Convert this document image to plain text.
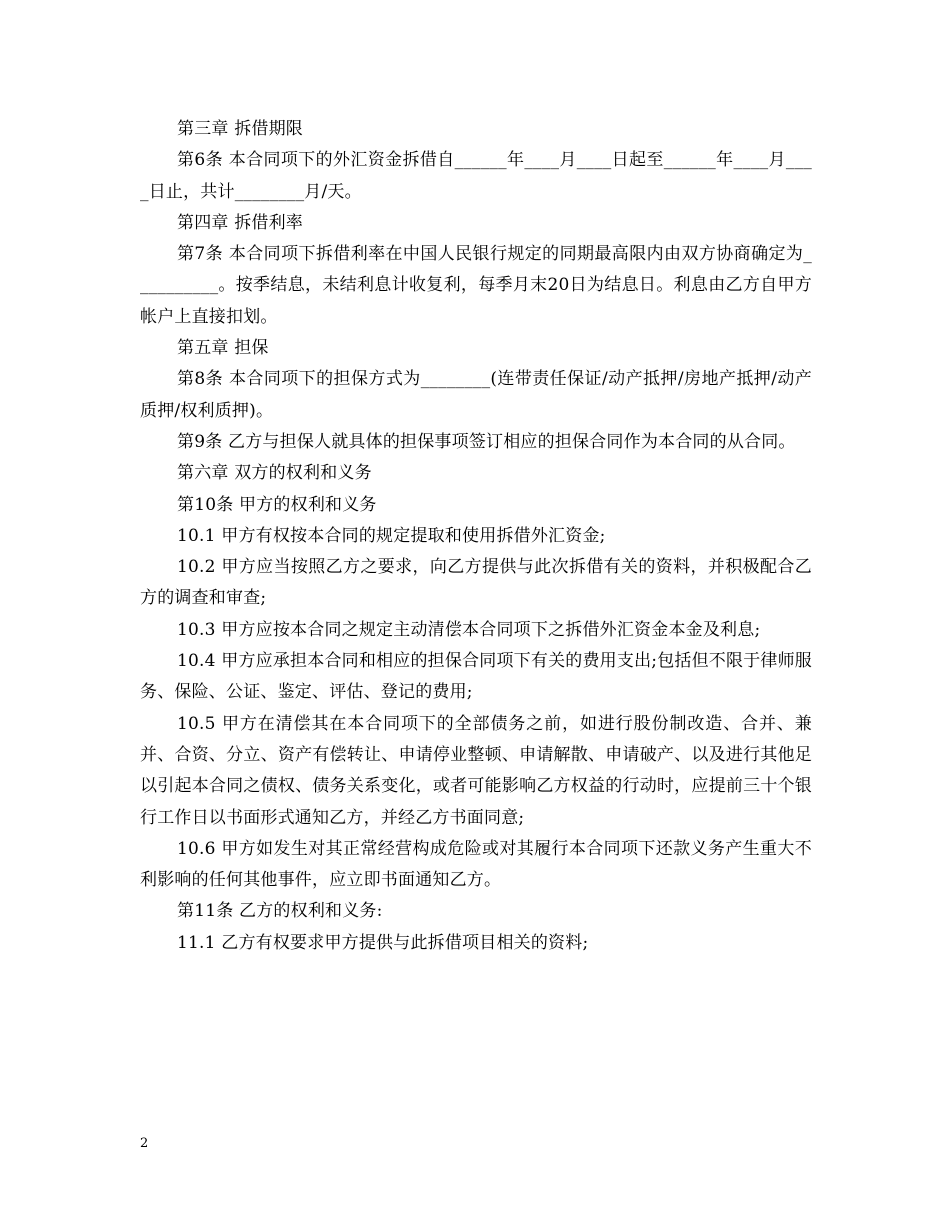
第三章 拆借期限

第6条 本合同项下的外汇资金拆借自______年____月____日起至______年____月____日止，共计________月/天。

第四章 拆借利率

第7条 本合同项下拆借利率在中国人民银行规定的同期最高限内由双方协商确定为__________。按季结息，未结利息计收复利，每季月末20日为结息日。利息由乙方自甲方帐户上直接扣划。

第五章 担保

第8条 本合同项下的担保方式为________(连带责任保证/动产抵押/房地产抵押/动产质押/权利质押)。

第9条 乙方与担保人就具体的担保事项签订相应的担保合同作为本合同的从合同。

第六章 双方的权利和义务

第10条 甲方的权利和义务

10.1 甲方有权按本合同的规定提取和使用拆借外汇资金;

10.2 甲方应当按照乙方之要求，向乙方提供与此次拆借有关的资料，并积极配合乙方的调查和审查;

10.3 甲方应按本合同之规定主动清偿本合同项下之拆借外汇资金本金及利息;

10.4 甲方应承担本合同和相应的担保合同项下有关的费用支出;包括但不限于律师服务、保险、公证、鉴定、评估、登记的费用;

10.5 甲方在清偿其在本合同项下的全部债务之前，如进行股份制改造、合并、兼并、合资、分立、资产有偿转让、申请停业整顿、申请解散、申请破产、以及进行其他足以引起本合同之债权、债务关系变化，或者可能影响乙方权益的行动时，应提前三十个银行工作日以书面形式通知乙方，并经乙方书面同意;

10.6 甲方如发生对其正常经营构成危险或对其履行本合同项下还款义务产生重大不利影响的任何其他事件，应立即书面通知乙方。

第11条 乙方的权利和义务:

11.1 乙方有权要求甲方提供与此拆借项目相关的资料;

2
